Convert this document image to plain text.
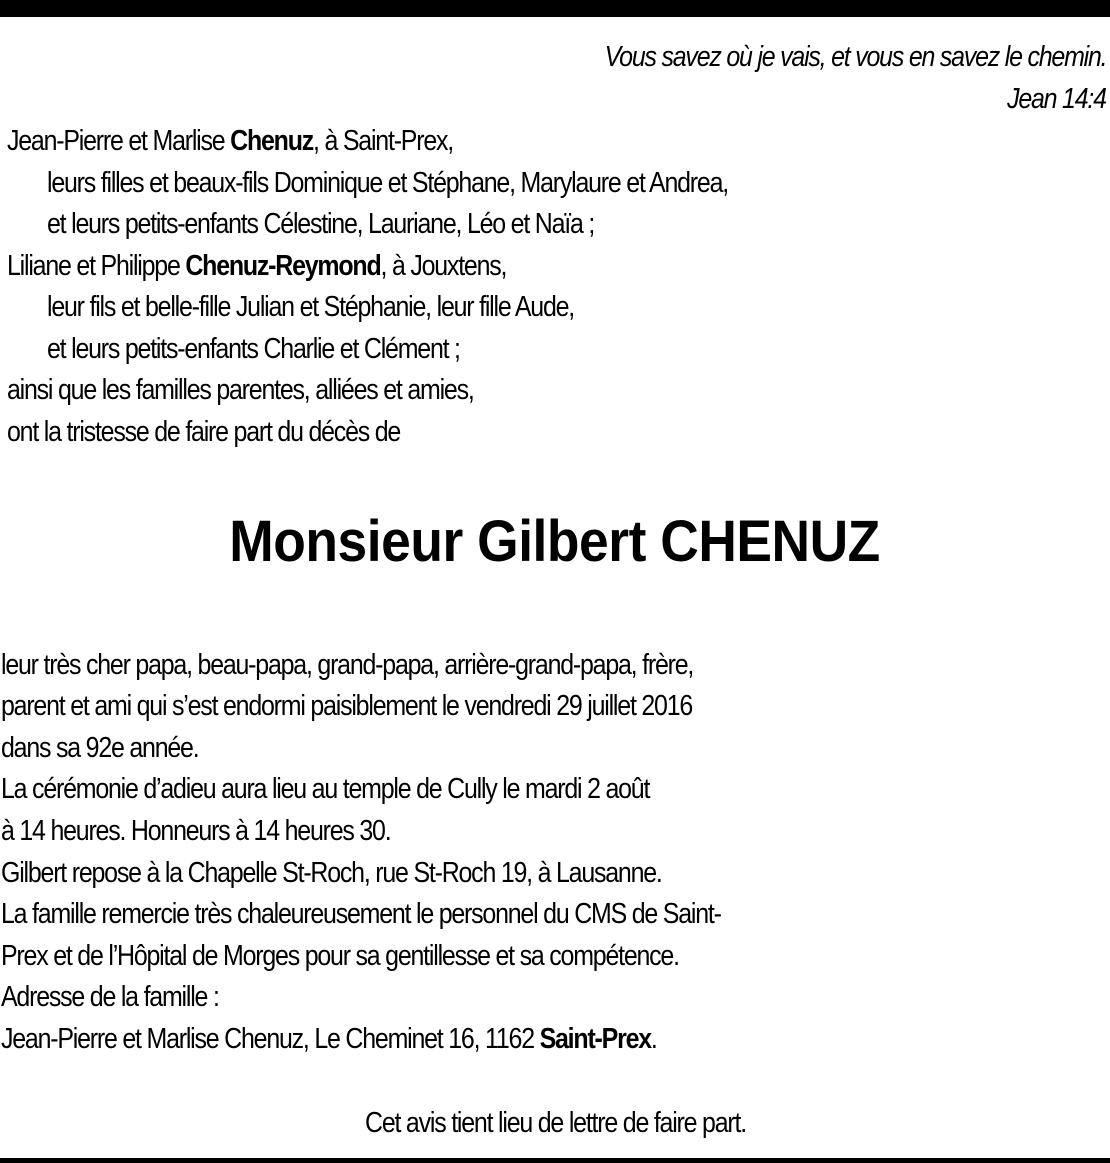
Vous savez où je vais, et vous en savez le chemin.
Jean 14:4
Jean-Pierre et Marlise Chenuz, à Saint-Prex,
leurs filles et beaux-fils Dominique et Stéphane, Marylaure et Andrea,
et leurs petits-enfants Célestine, Lauriane, Léo et Naïa ;
Liliane et Philippe Chenuz-Reymond, à Jouxtens,
leur fils et belle-fille Julian et Stéphanie, leur fille Aude,
et leurs petits-enfants Charlie et Clément ;
ainsi que les familles parentes, alliées et amies,
ont la tristesse de faire part du décès de
Monsieur Gilbert CHENUZ
leur très cher papa, beau-papa, grand-papa, arrière-grand-papa, frère,
parent et ami qui s’est endormi paisiblement le vendredi 29 juillet 2016
dans sa 92e année.
La cérémonie d’adieu aura lieu au temple de Cully le mardi 2 août
à 14 heures. Honneurs à 14 heures 30.
Gilbert repose à la Chapelle St-Roch, rue St-Roch 19, à Lausanne.
La famille remercie très chaleureusement le personnel du CMS de Saint-
Prex et de l’Hôpital de Morges pour sa gentillesse et sa compétence.
Adresse de la famille :
Jean-Pierre et Marlise Chenuz, Le Cheminet 16, 1162 Saint-Prex.
Cet avis tient lieu de lettre de faire part.
